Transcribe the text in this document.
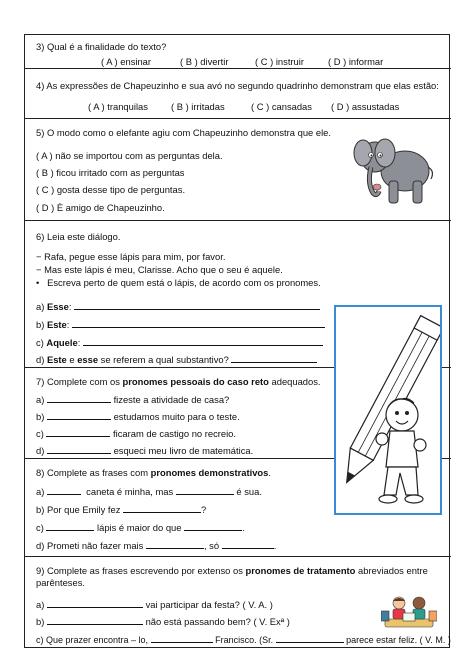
3) Qual é a finalidade do texto?
( A ) ensinar	( B ) divertir	( C ) instruir	( D ) informar
4) As expressões de Chapeuzinho e sua avó no segundo quadrinho demonstram que elas estão:
( A ) tranquilas ( B ) irritadas	( C ) cansadas ( D ) assustadas
5) O modo como o elefante agiu com Chapeuzinho demonstra que ele.
( A ) não se importou com as perguntas dela.
( B ) ficou irritado com as perguntas
( C ) gosta desse tipo de perguntas.
( D ) È amigo de Chapeuzinho.
6) Leia este diálogo.
− Rafa, pegue esse lápis para mim, por favor.
− Mas este lápis é meu, Clarisse. Acho que o seu é aquele.
•   Escreva perto de quem está o lápis, de acordo com os pronomes.
a) Esse:
b) Este:
c) Aquele:
d) Este e esse se referem a qual substantivo?
7) Complete com os pronomes pessoais do caso reto adequados.
a)	fizeste a atividade de casa?
b)	estudamos muito para o teste.
c)	ficaram de castigo no recreio.
d)	esqueci meu livro de matemática.
8) Complete as frases com pronomes demonstrativos.
a)	caneta é minha, mas	é sua.
b) Por que Emily fez	?
c)	lápis é maior do que	.
d) Prometi não fazer mais	, só	.
9) Complete as frases escrevendo por extenso os pronomes de tratamento abreviados entre
parênteses.
a)	vai participar da festa? ( V. A. )
b)	não está passando bem? ( V. Exª )
c) Que prazer encontra – lo,	Francisco. (Sr.	parece estar feliz. ( V. M. )
